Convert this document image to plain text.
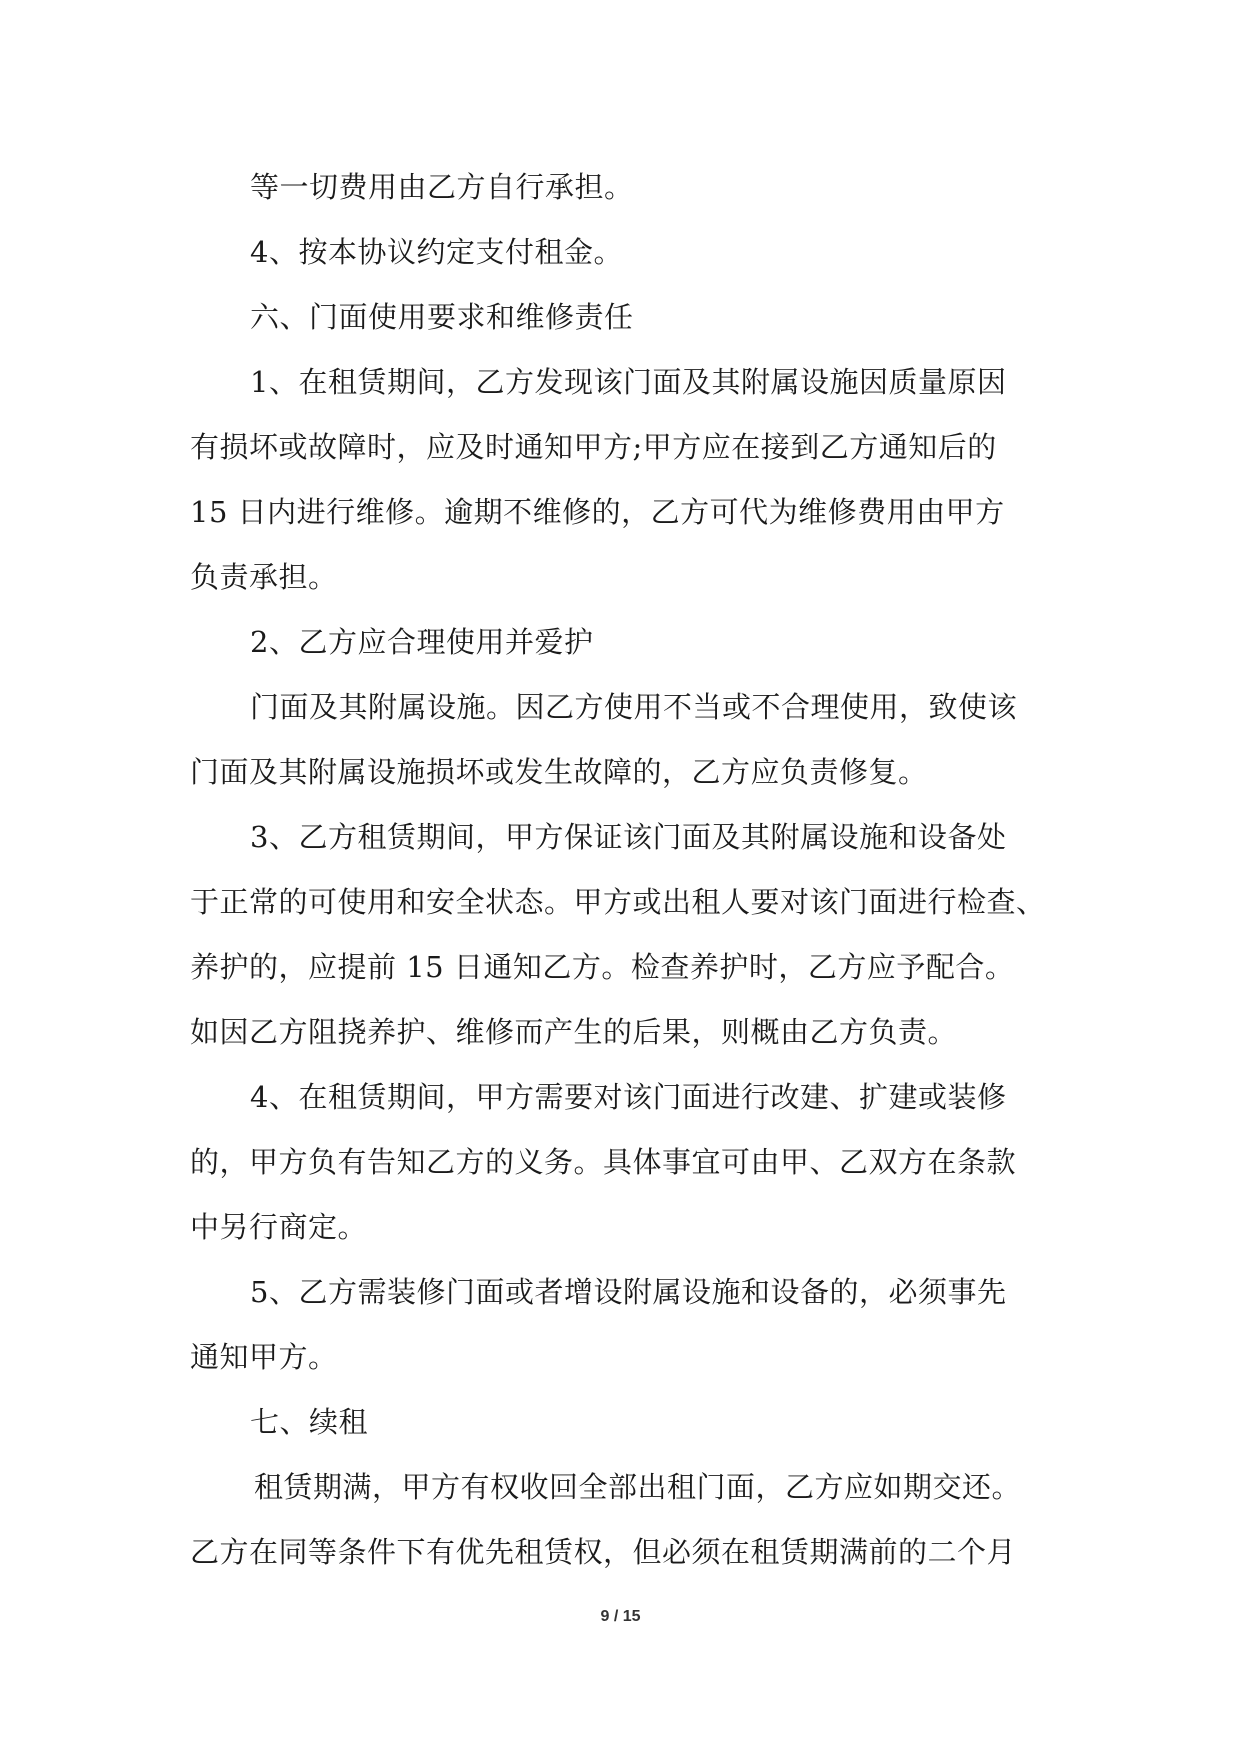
等一切费用由乙方自行承担。
4、按本协议约定支付租金。
六、门面使用要求和维修责任
1、在租赁期间，乙方发现该门面及其附属设施因质量原因
有损坏或故障时，应及时通知甲方;甲方应在接到乙方通知后的
15 日内进行维修。逾期不维修的，乙方可代为维修费用由甲方
负责承担。
2、乙方应合理使用并爱护
门面及其附属设施。因乙方使用不当或不合理使用，致使该
门面及其附属设施损坏或发生故障的，乙方应负责修复。
3、乙方租赁期间，甲方保证该门面及其附属设施和设备处
于正常的可使用和安全状态。甲方或出租人要对该门面进行检查、
养护的，应提前 15 日通知乙方。检查养护时，乙方应予配合。
如因乙方阻挠养护、维修而产生的后果，则概由乙方负责。
4、在租赁期间，甲方需要对该门面进行改建、扩建或装修
的，甲方负有告知乙方的义务。具体事宜可由甲、乙双方在条款
中另行商定。
5、乙方需装修门面或者增设附属设施和设备的，必须事先
通知甲方。
七、续租
租赁期满，甲方有权收回全部出租门面，乙方应如期交还。
乙方在同等条件下有优先租赁权，但必须在租赁期满前的二个月
9 / 15
